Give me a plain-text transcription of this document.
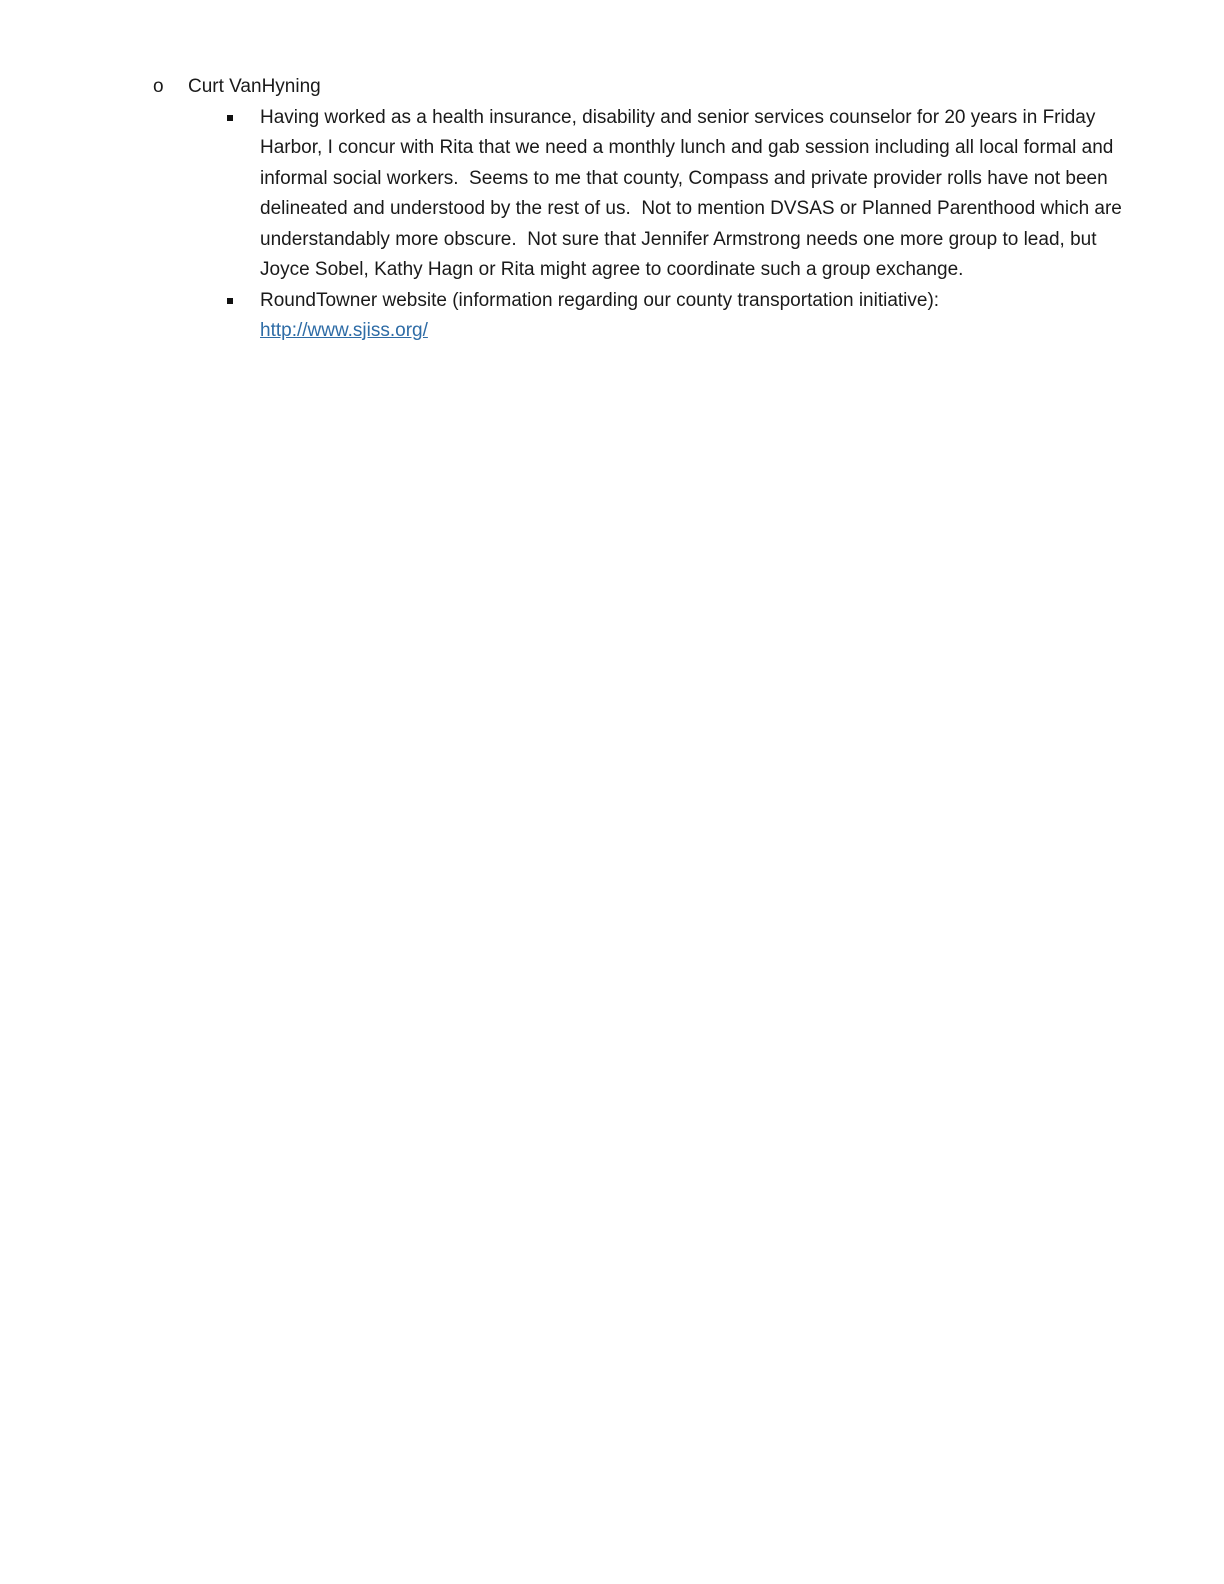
o Curt VanHyning
Having worked as a health insurance, disability and senior services counselor for 20 years in Friday Harbor, I concur with Rita that we need a monthly lunch and gab session including all local formal and informal social workers.  Seems to me that county, Compass and private provider rolls have not been delineated and understood by the rest of us.  Not to mention DVSAS or Planned Parenthood which are understandably more obscure.  Not sure that Jennifer Armstrong needs one more group to lead, but Joyce Sobel, Kathy Hagn or Rita might agree to coordinate such a group exchange.
RoundTowner website (information regarding our county transportation initiative):
http://www.sjiss.org/
